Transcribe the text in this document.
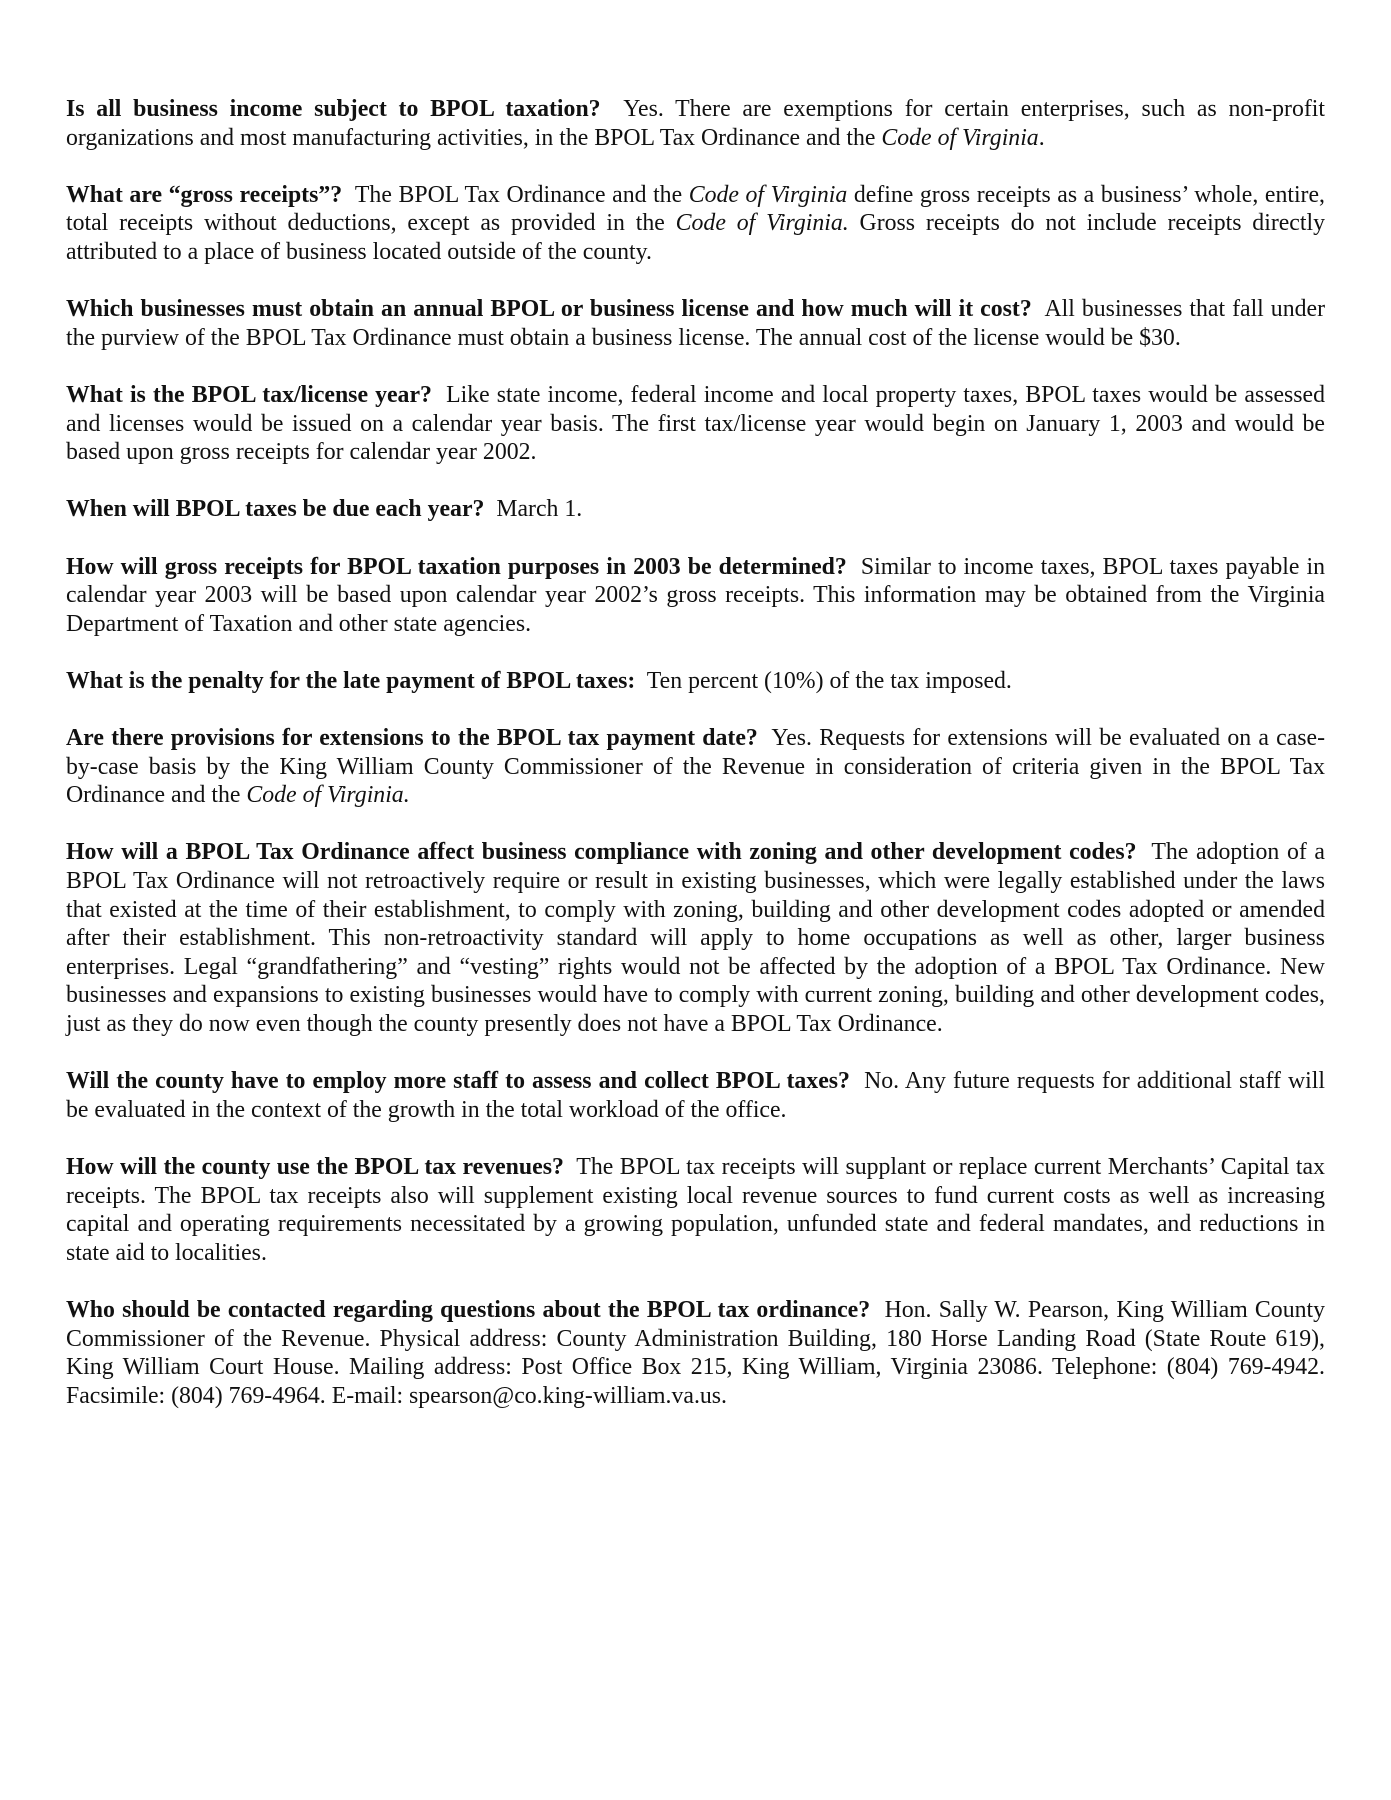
Is all business income subject to BPOL taxation? Yes. There are exemptions for certain enterprises, such as non-profit organizations and most manufacturing activities, in the BPOL Tax Ordinance and the Code of Virginia.

What are “gross receipts”? The BPOL Tax Ordinance and the Code of Virginia define gross receipts as a business’ whole, entire, total receipts without deductions, except as provided in the Code of Virginia. Gross receipts do not include receipts directly attributed to a place of business located outside of the county.

Which businesses must obtain an annual BPOL or business license and how much will it cost? All businesses that fall under the purview of the BPOL Tax Ordinance must obtain a business license. The annual cost of the license would be $30.

What is the BPOL tax/license year? Like state income, federal income and local property taxes, BPOL taxes would be assessed and licenses would be issued on a calendar year basis. The first tax/license year would begin on January 1, 2003 and would be based upon gross receipts for calendar year 2002.

When will BPOL taxes be due each year? March 1.

How will gross receipts for BPOL taxation purposes in 2003 be determined? Similar to income taxes, BPOL taxes payable in calendar year 2003 will be based upon calendar year 2002’s gross receipts. This information may be obtained from the Virginia Department of Taxation and other state agencies.

What is the penalty for the late payment of BPOL taxes: Ten percent (10%) of the tax imposed.

Are there provisions for extensions to the BPOL tax payment date? Yes. Requests for extensions will be evaluated on a case-by-case basis by the King William County Commissioner of the Revenue in consideration of criteria given in the BPOL Tax Ordinance and the Code of Virginia.

How will a BPOL Tax Ordinance affect business compliance with zoning and other development codes? The adoption of a BPOL Tax Ordinance will not retroactively require or result in existing businesses, which were legally established under the laws that existed at the time of their establishment, to comply with zoning, building and other development codes adopted or amended after their establishment. This non-retroactivity standard will apply to home occupations as well as other, larger business enterprises. Legal “grandfathering” and “vesting” rights would not be affected by the adoption of a BPOL Tax Ordinance. New businesses and expansions to existing businesses would have to comply with current zoning, building and other development codes, just as they do now even though the county presently does not have a BPOL Tax Ordinance.

Will the county have to employ more staff to assess and collect BPOL taxes? No. Any future requests for additional staff will be evaluated in the context of the growth in the total workload of the office.

How will the county use the BPOL tax revenues? The BPOL tax receipts will supplant or replace current Merchants’ Capital tax receipts. The BPOL tax receipts also will supplement existing local revenue sources to fund current costs as well as increasing capital and operating requirements necessitated by a growing population, unfunded state and federal mandates, and reductions in state aid to localities.

Who should be contacted regarding questions about the BPOL tax ordinance? Hon. Sally W. Pearson, King William County Commissioner of the Revenue. Physical address: County Administration Building, 180 Horse Landing Road (State Route 619), King William Court House. Mailing address: Post Office Box 215, King William, Virginia 23086. Telephone: (804) 769-4942. Facsimile: (804) 769-4964. E-mail: spearson@co.king-william.va.us.
